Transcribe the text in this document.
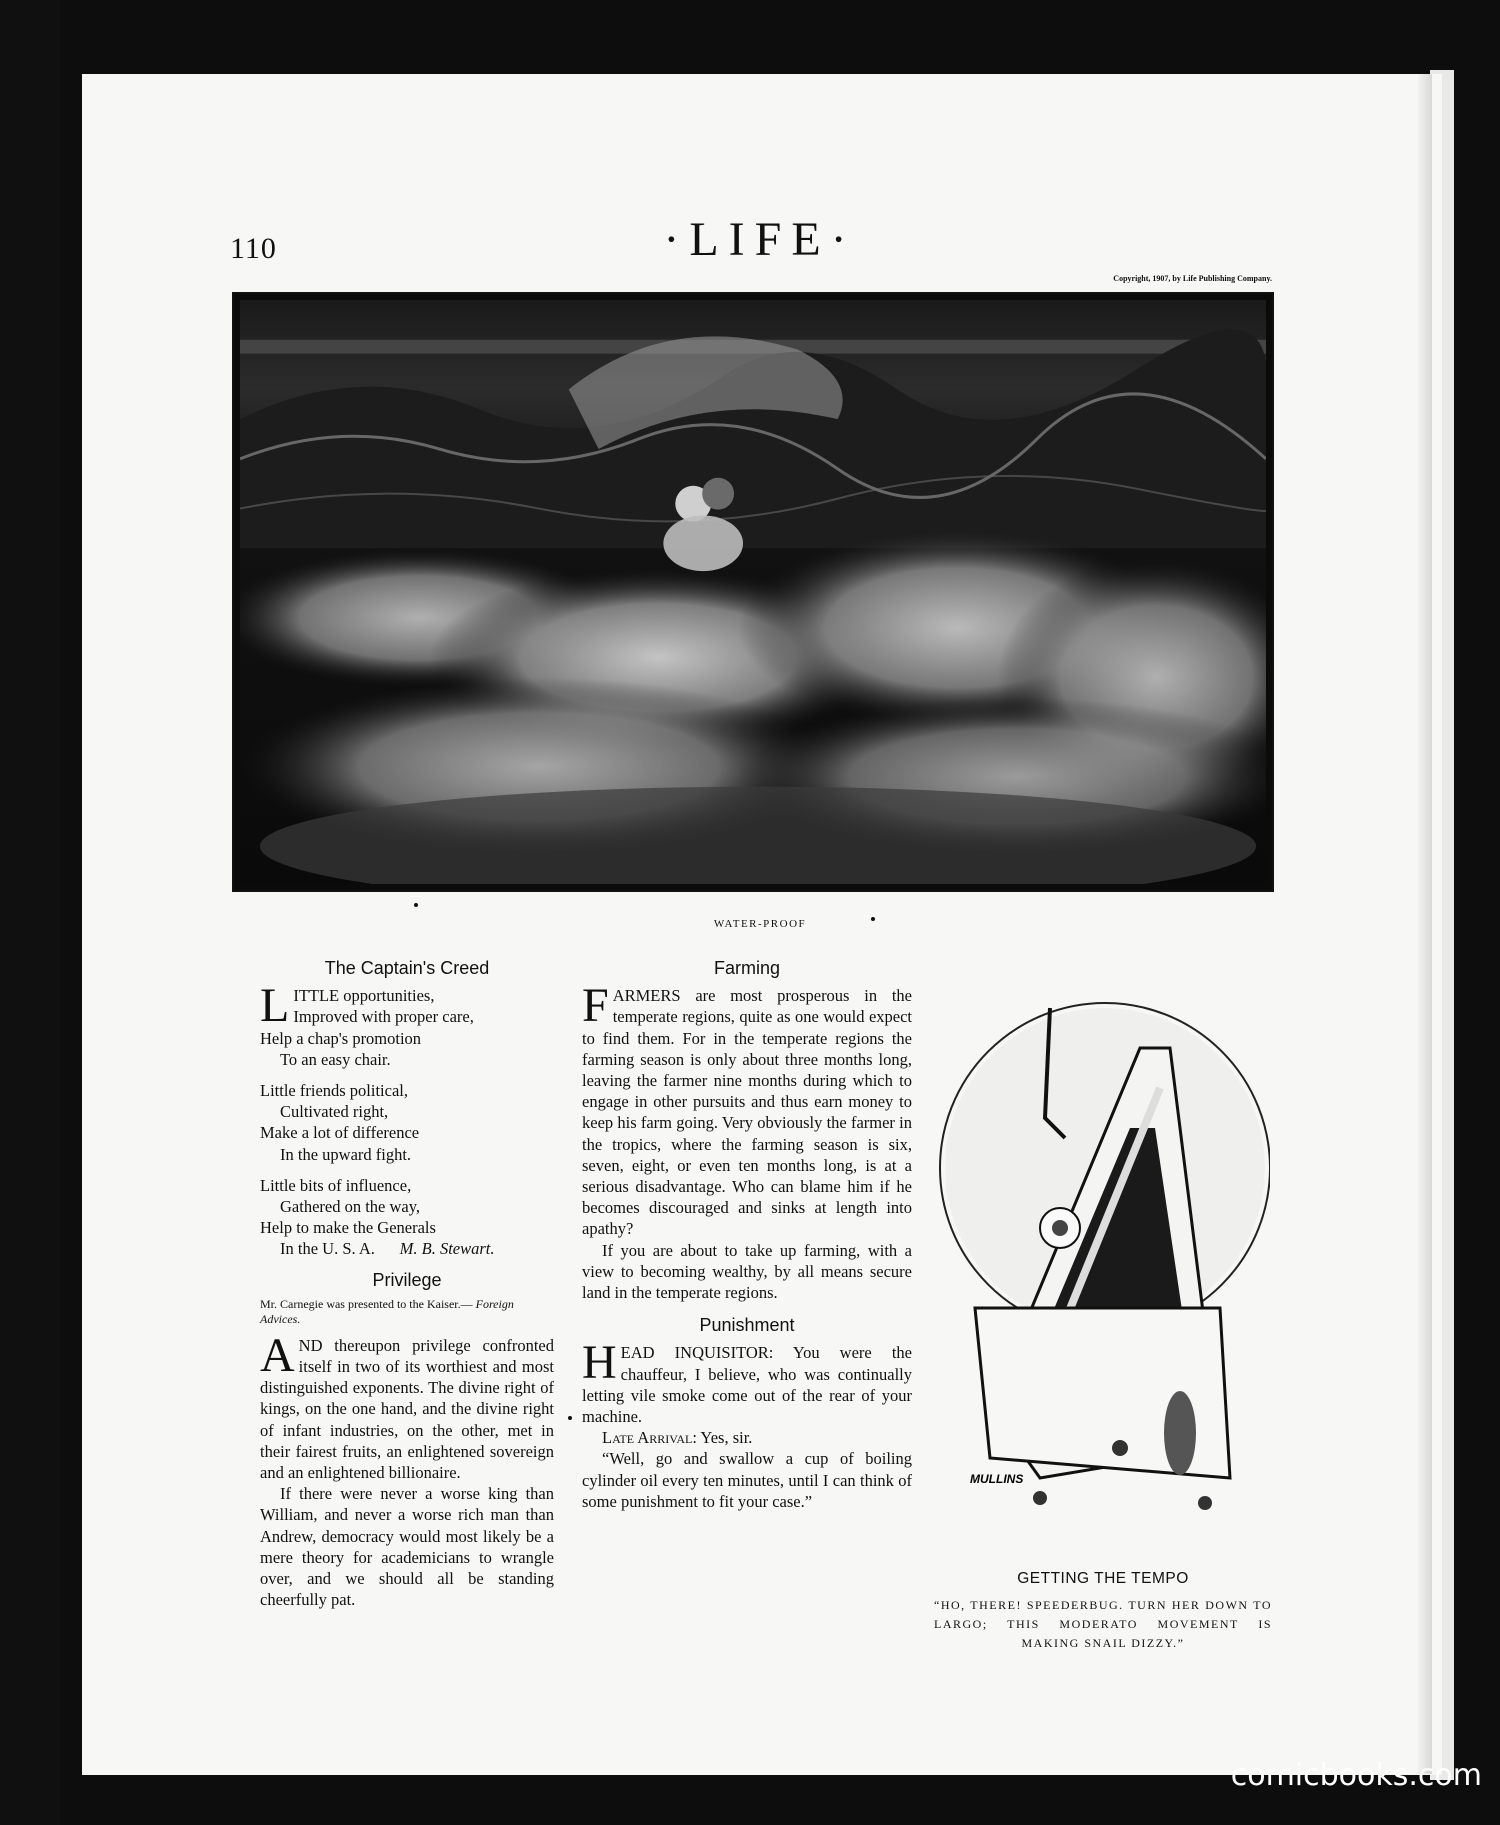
110	·LIFE·
Copyright, 1907, by Life Publishing Company.
WATER-PROOF
The Captain's Creed
L ITTLE opportunities,
Improved with proper care,
Help a chap's promotion
To an easy chair.
Little friends political,
Cultivated right,
Make a lot of difference
In the upward fight.
Little bits of influence,
Gathered on the way,
Help to make the Generals
In the U. S. A. M. B. Stewart.
Privilege
Mr. Carnegie was presented to the Kaiser.— Foreign Advices.

AND thereupon privilege confronted itself in two of its worthiest and most distinguished exponents. The divine right of kings, on the one hand, and the divine right of infant industries, on the other, met in their fairest fruits, an enlightened sovereign and an enlightened billionaire.

If there were never a worse king than William, and never a worse rich man than Andrew, democracy would most likely be a mere theory for academicians to wrangle over, and we should all be standing cheerfully pat.

Farming

FARMERS are most prosperous in the temperate regions, quite as one would expect to find them. For in the temperate regions the farming season is only about three months long, leaving the farmer nine months during which to engage in other pursuits and thus earn money to keep his farm going. Very obviously the farmer in the tropics, where the farming season is six, seven, eight, or even ten months long, is at a serious disadvantage. Who can blame him if he becomes discouraged and sinks at length into apathy?

If you are about to take up farming, with a view to becoming wealthy, by all means secure land in the temperate regions.

Punishment

HEAD INQUISITOR: You were the chauffeur, I believe, who was continually letting vile smoke come out of the rear of your machine.

Late Arrival: Yes, sir.

“Well, go and swallow a cup of boiling cylinder oil every ten minutes, until I can think of some punishment to fit your case.”

MULLINS
GETTING THE TEMPO
“HO, THERE! SPEEDERBUG. TURN HER DOWN TO LARGO; THIS MODERATO MOVEMENT IS MAKING SNAIL DIZZY.”
comicbooks.com
